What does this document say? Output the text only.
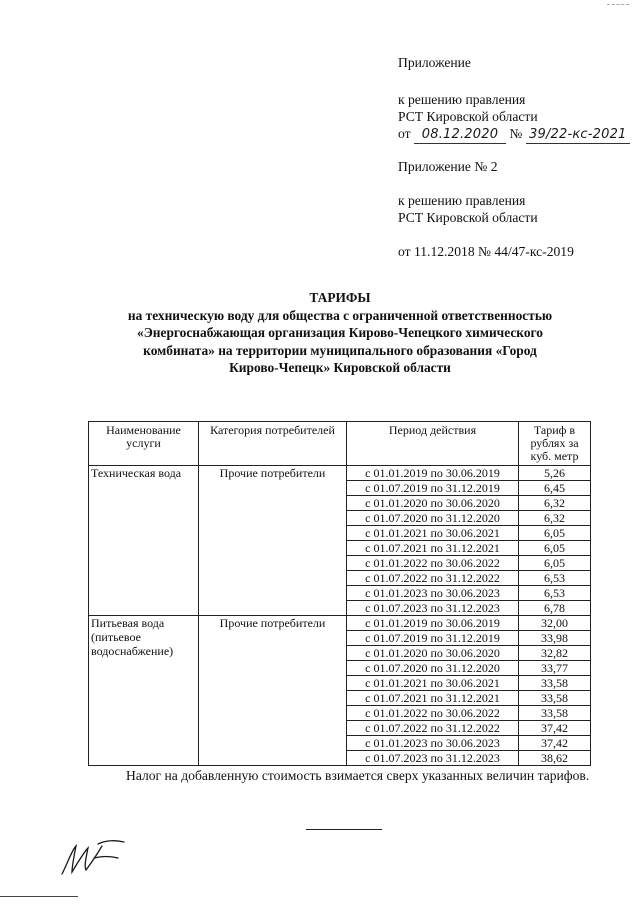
Приложение
к решению правления
РСТ Кировской области
от 08.12.2020 № 39/22-кс-2021
Приложение № 2
к решению правления
РСТ Кировской области
от 11.12.2018 № 44/47-кс-2019
ТАРИФЫ
на техническую воду для общества с ограниченной ответственностью
«Энергоснабжающая организация Кирово-Чепецкого химического
комбината» на территории муниципального образования «Город
Кирово-Чепецк» Кировской области
Наименование услуги	Категория потребителей	Период действия	Тариф в рублях за куб. метр
Техническая вода	Прочие потребители	с 01.01.2019 по 30.06.2019	5,26
		с 01.07.2019 по 31.12.2019	6,45
		с 01.01.2020 по 30.06.2020	6,32
		с 01.07.2020 по 31.12.2020	6,32
		с 01.01.2021 по 30.06.2021	6,05
		с 01.07.2021 по 31.12.2021	6,05
		с 01.01.2022 по 30.06.2022	6,05
		с 01.07.2022 по 31.12.2022	6,53
		с 01.01.2023 по 30.06.2023	6,53
		с 01.07.2023 по 31.12.2023	6,78
Питьевая вода (питьевое водоснабжение)	Прочие потребители	с 01.01.2019 по 30.06.2019	32,00
		с 01.07.2019 по 31.12.2019	33,98
		с 01.01.2020 по 30.06.2020	32,82
		с 01.07.2020 по 31.12.2020	33,77
		с 01.01.2021 по 30.06.2021	33,58
		с 01.07.2021 по 31.12.2021	33,58
		с 01.01.2022 по 30.06.2022	33,58
		с 01.07.2022 по 31.12.2022	37,42
		с 01.01.2023 по 30.06.2023	37,42
		с 01.07.2023 по 31.12.2023	38,62
Налог на добавленную стоимость взимается сверх указанных величин тарифов.
